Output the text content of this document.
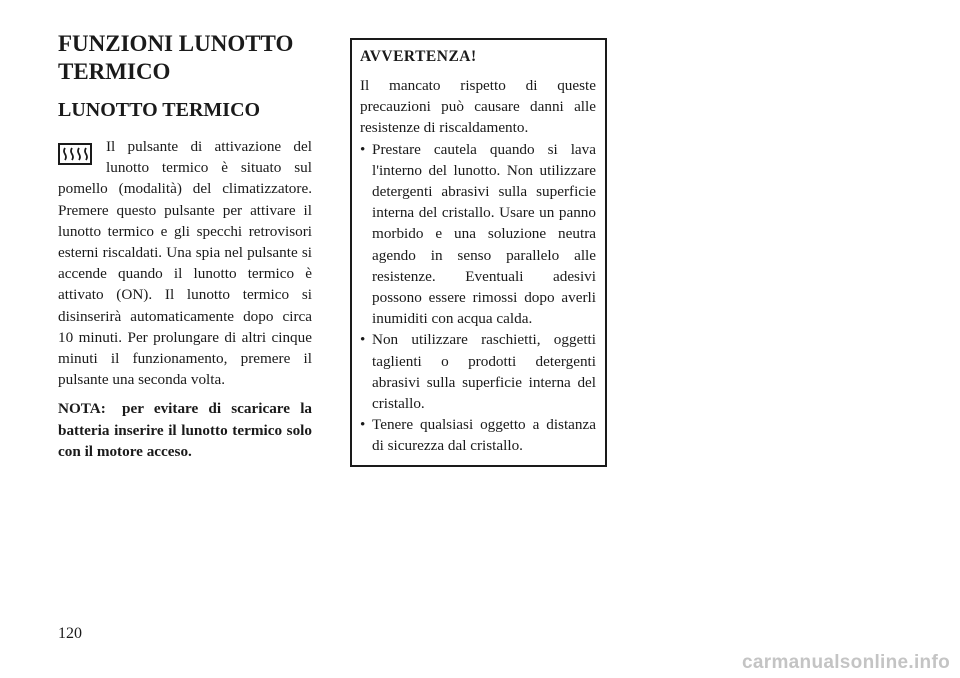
FUNZIONI LUNOTTO
TERMICO
LUNOTTO TERMICO

Il pulsante di attivazione del lunotto termico è situato sul pomello (modalità) del climatizzatore. Premere questo pulsante per attivare il lunotto termico e gli specchi retrovisori esterni riscaldati. Una spia nel pulsante si accende quando il lunotto termico è attivato (ON). Il lunotto termico si disinserirà automaticamente dopo circa 10 minuti. Per prolungare di altri cinque minuti il funzionamento, premere il pulsante una seconda volta.

NOTA: per evitare di scaricare la batteria inserire il lunotto termico solo con il motore acceso.

AVVERTENZA!

Il mancato rispetto di queste precauzioni può causare danni alle resistenze di riscaldamento.

• Prestare cautela quando si lava l'interno del lunotto. Non utilizzare detergenti abrasivi sulla superficie interna del cristallo. Usare un panno morbido e una soluzione neutra agendo in senso parallelo alle resistenze. Eventuali adesivi possono essere rimossi dopo averli inumiditi con acqua calda.
• Non utilizzare raschietti, oggetti taglienti o prodotti detergenti abrasivi sulla superficie interna del cristallo.
• Tenere qualsiasi oggetto a distanza di sicurezza dal cristallo.

120

carmanualsonline.info
